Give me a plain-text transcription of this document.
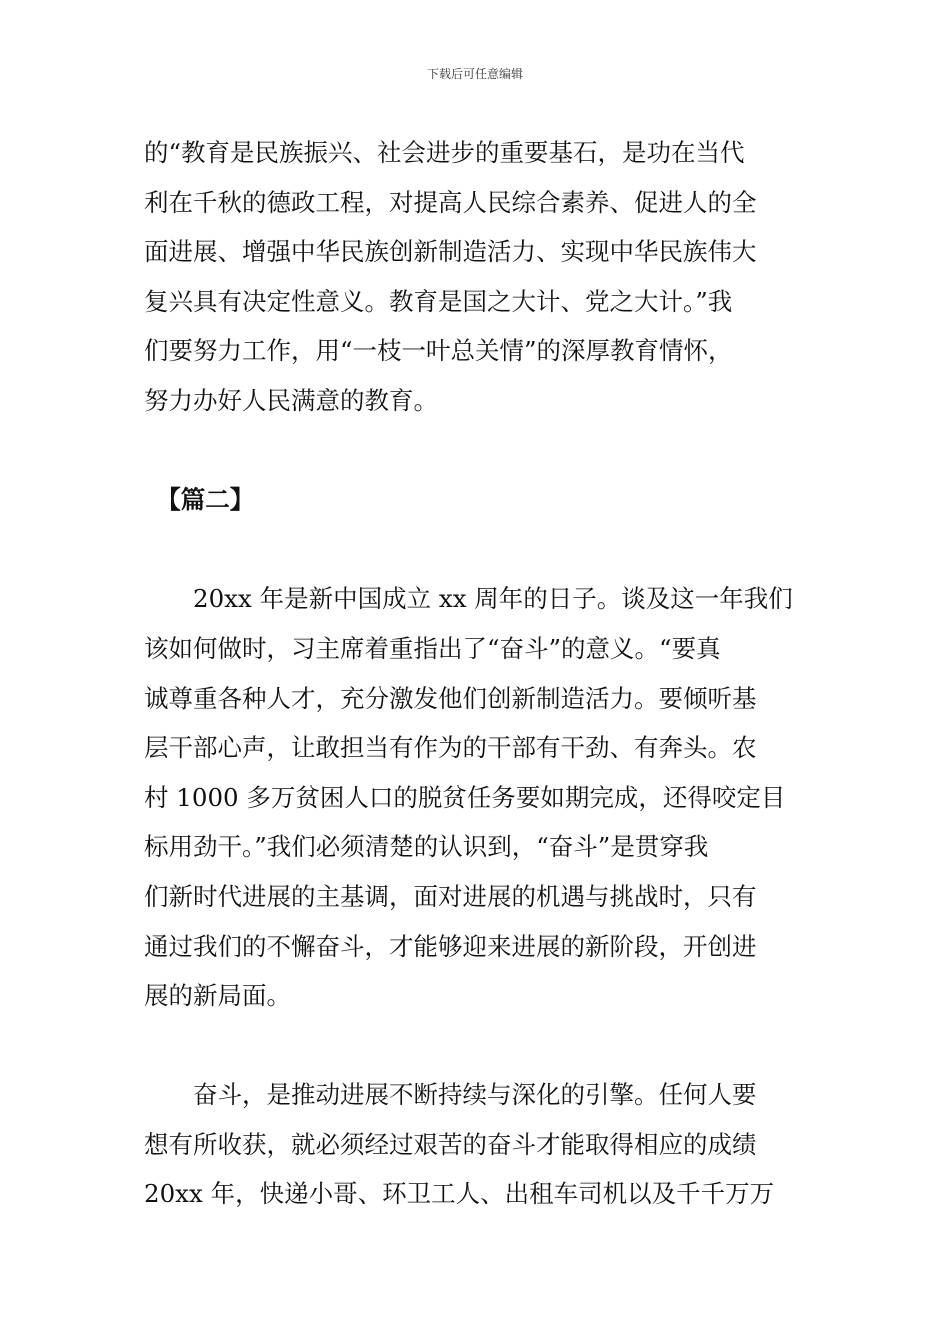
下载后可任意编辑
的“教育是民族振兴、社会进步的重要基石，是功在当代
利在千秋的德政工程，对提高人民综合素养、促进人的全
面进展、增强中华民族创新制造活力、实现中华民族伟大
复兴具有决定性意义。教育是国之大计、党之大计。”我
们要努力工作，用“一枝一叶总关情”的深厚教育情怀，
努力办好人民满意的教育。
　【篇二】
　　20xx 年是新中国成立 xx 周年的日子。谈及这一年我们
该如何做时，习主席着重指出了“奋斗”的意义。“要真
诚尊重各种人才，充分激发他们创新制造活力。要倾听基
层干部心声，让敢担当有作为的干部有干劲、有奔头。农
村 1000 多万贫困人口的脱贫任务要如期完成，还得咬定目
标用劲干。”我们必须清楚的认识到，“奋斗”是贯穿我
们新时代进展的主基调，面对进展的机遇与挑战时，只有
通过我们的不懈奋斗，才能够迎来进展的新阶段，开创进
展的新局面。
　　奋斗，是推动进展不断持续与深化的引擎。任何人要
想有所收获，就必须经过艰苦的奋斗才能取得相应的成绩
20xx 年，快递小哥、环卫工人、出租车司机以及千千万万
